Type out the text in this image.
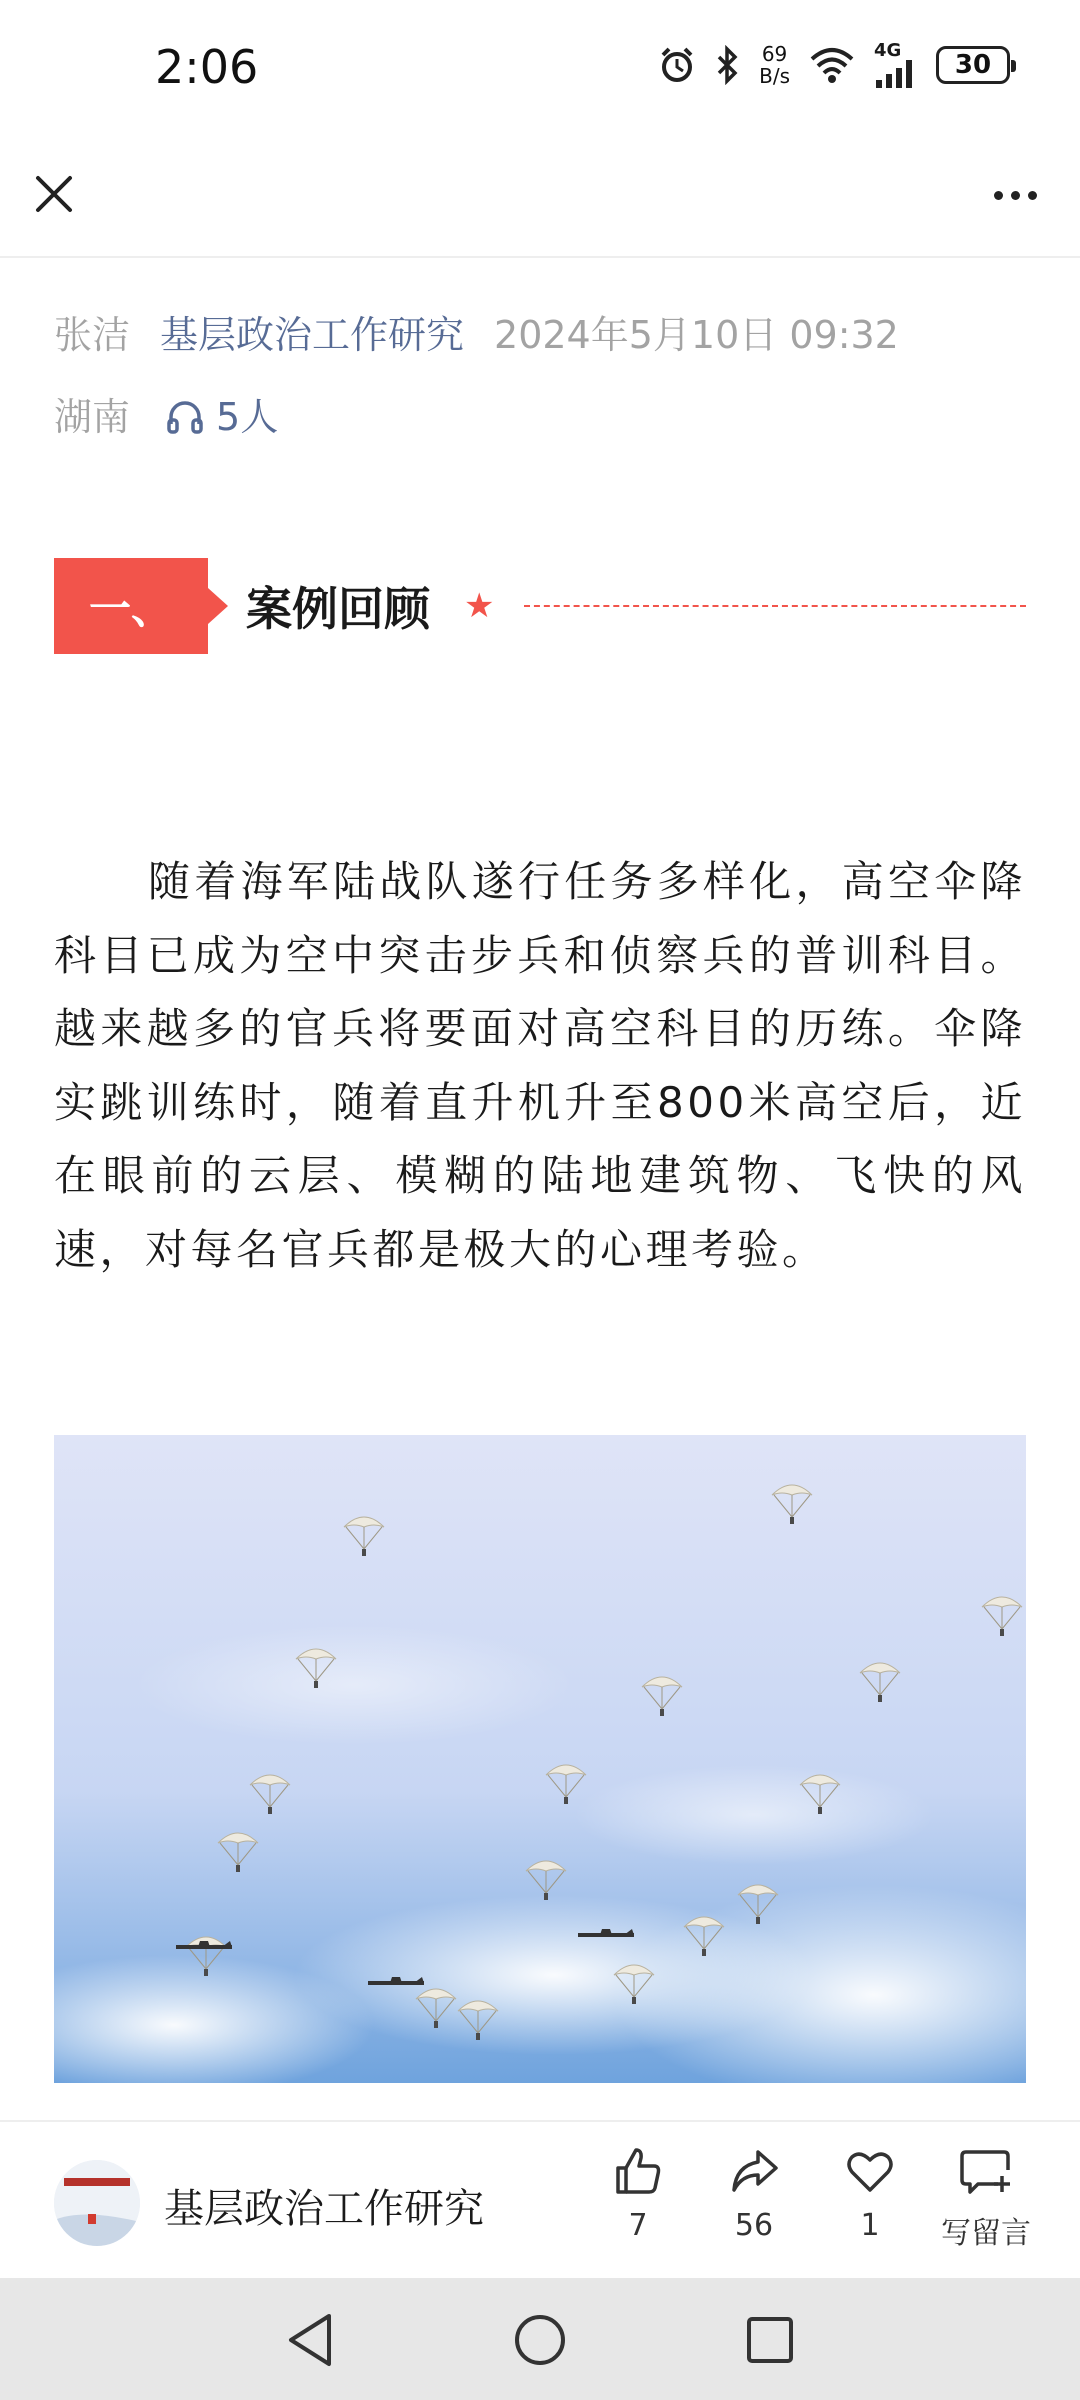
2:06	69
B/s
4G	30
张洁 基层政治工作研究 2024年5月10日 09:32
湖南 5人
一、	案例回顾 ★
随着海军陆战队遂行任务多样化，高空伞降科目已成为空中突击步兵和侦察兵的普训科目。越来越多的官兵将要面对高空科目的历练。伞降实跳训练时，随着直升机升至800米高空后，近在眼前的云层、模糊的陆地建筑物、飞快的风速，对每名官兵都是极大的心理考验。
基层政治工作研究	7	56	1 写留言
